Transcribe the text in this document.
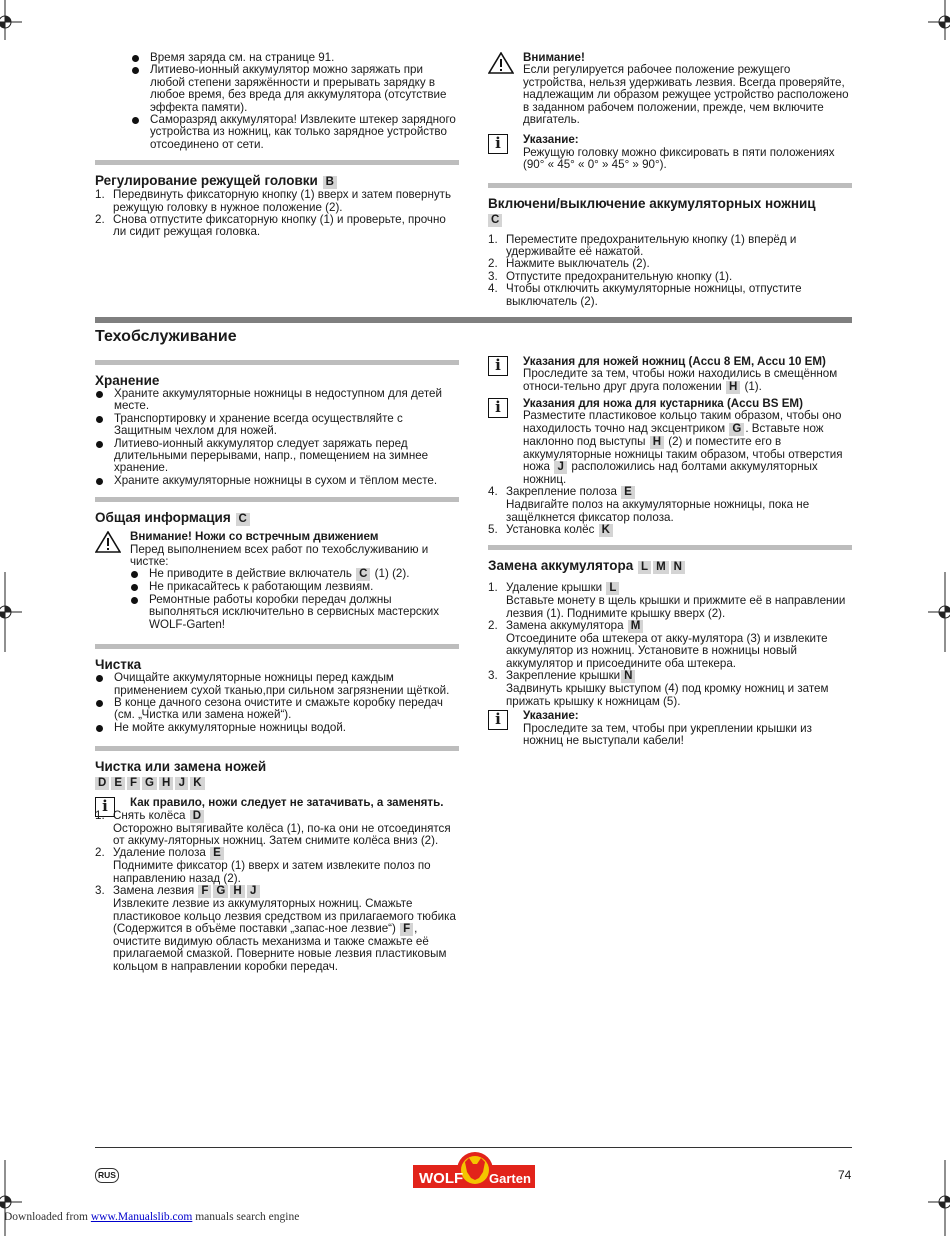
Время заряда см. на странице 91.
Литиево-ионный аккумулятор можно заряжать при любой степени заряжённости и прерывать зарядку в любое время, без вреда для аккумулятора (отсутствие эффекта памяти).
Саморазряд аккумулятора! Извлеките штекер зарядного устройства из ножниц, как только зарядное устройство отсоединено от сети.

Регулирование режущей головки B

1. Передвинуть фиксаторную кнопку (1) вверх и затем повернуть режущую головку в нужное положение (2).
2. Снова отпустите фиксаторную кнопку (1) и проверьте, прочно ли сидит режущая головка.

Внимание!

Если регулируется рабочее положение режущего устройства, нельзя удерживать лезвия. Всегда проверяйте, надлежащим ли образом режущее устройство расположено в заданном рабочем положении, прежде, чем включите двигатель.

i	Указание:

Режущую головку можно фиксировать в пяти положениях (90° « 45° « 0° » 45° » 90°).

Включени/выключение аккумуляторных ножниц
C

1. Переместите предохранительную кнопку (1) вперёд и удерживайте её нажатой.
2. Нажмите выключатель (2).
3. Отпустите предохранительную кнопку (1).
4. Чтобы отключить аккумуляторные ножницы, отпустите выключатель (2).
Техобслуживание

Хранение

Храните аккумуляторные ножницы в недоступном для детей месте.
Транспортировку и хранение всегда осуществляйте с Защитным чехлом для ножей.
Литиево-ионный аккумулятор следует заряжать перед длительными перерывами, напр., помещением на зимнее хранение.
Храните аккумуляторные ножницы в сухом и тёплом месте.

Общая информация C

Внимание! Ножи со встречным движением

Перед выполнением всех работ по техобслуживанию и чистке:

Не приводите в действие включатель C (1) (2).
Не прикасайтесь к работающим лезвиям.
Ремонтные работы коробки передач должны выполняться исключительно в сервисных мастерских WOLF-Garten!

Чистка

Очищайте аккумуляторные ножницы перед каждым применением сухой тканью,при сильном загрязнении щёткой.
В конце дачного сезона очистите и смажьте коробку передач (см. „Чистка или замена ножей“).
Не мойте аккумуляторные ножницы водой.

Чистка или замена ножей

D E F G H J K
i	Как правило, ножи следует не затачивать, а заменять.

1. Снять колёса D
Осторожно вытягивайте колёса (1), по-ка они не отсоединятся от аккуму-ляторных ножниц. Затем снимите колёса вниз (2).
2. Удаление полоза E
Поднимите фиксатор (1) вверх и затем извлеките полоз по направлению назад (2).
3. Замена лезвия F G H J
Извлеките лезвие из аккумуляторных ножниц. Смажьте пластиковое кольцо лезвия средством из прилагаемого тюбика (Содержится в объёме поставки „запас-ное лезвие“) F , очистите видимую область механизма и также смажьте её прилагаемой смазкой. Поверните новые лезвия пластиковым кольцом в направлении коробки передач.
i	Указания для ножей ножниц (Accu 8 EM, Accu 10 EM)

Проследите за тем, чтобы ножи находились в смещённом относи-тельно друг друга положении H (1).

i	Указания для ножа для кустарника (Accu BS EM)

Разместите пластиковое кольцо таким образом, чтобы оно находилость точно над эксцентриком G . Вставьте нож наклонно под выступы H (2) и поместите его в аккумуляторные ножницы таким образом, чтобы отверстия ножа J расположились над болтами аккумуляторных ножниц.

4. Закрепление полоза E
Надвигайте полоз на аккумуляторные ножницы, пока не защёлкнется фиксатор полоза.
5. Установка колёс K

Замена аккумулятора L M N

1. Удаление крышки L
Вставьте монету в щель крышки и прижмите её в направлении лезвия (1). Поднимите крышку вверх (2).
2. Замена аккумулятора M
Отсоедините оба штекера от акку-мулятора (3) и извлеките аккумулятор из ножниц. Установите в ножницы новый аккумулятор и присоедините оба штекера.
3. Закрепление крышки N
Задвинуть крышку выступом (4) под кромку ножниц и затем прижать крышку к ножницам (5).
i	Указание:

Проследите за тем, чтобы при укреплении крышки из ножниц не выступали кабели!

RUS	WOLF Garten	74
Downloaded from www.Manualslib.com manuals search engine
